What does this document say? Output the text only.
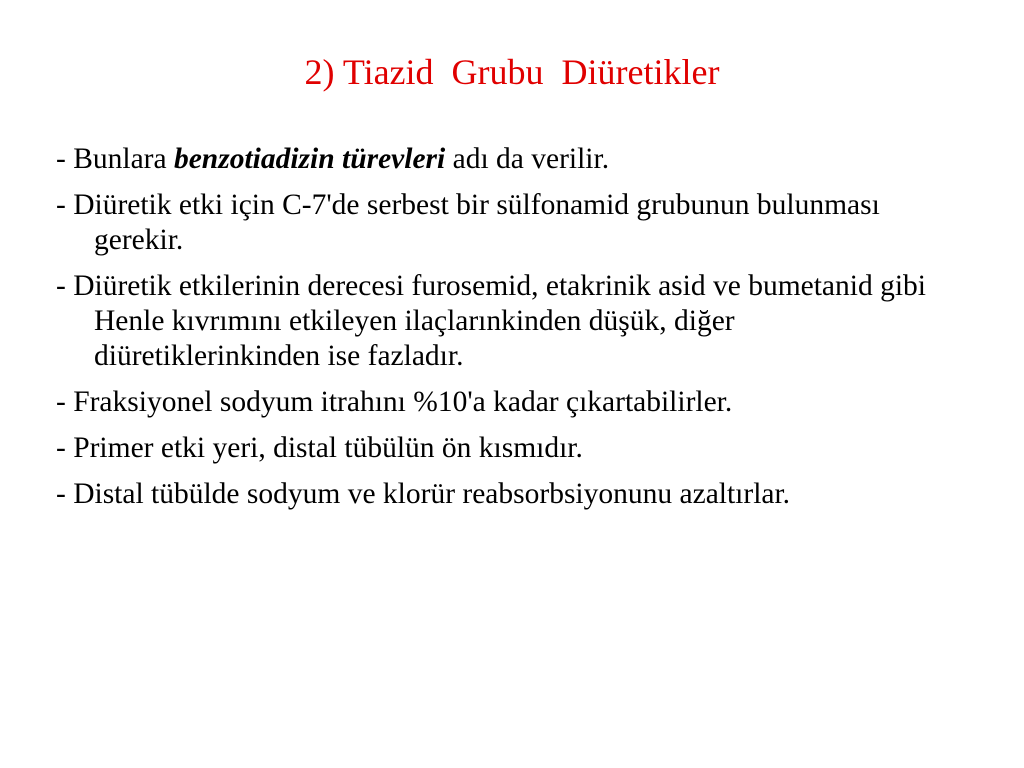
2) Tiazid  Grubu  Diüretikler
- Bunlara benzotiadizin türevleri adı da verilir.
- Diüretik etki için C-7'de serbest bir sülfonamid grubunun bulunması gerekir.
- Diüretik etkilerinin derecesi furosemid, etakrinik asid ve bumetanid gibi Henle kıvrımını etkileyen ilaçlarınkinden düşük, diğer diüretiklerinkinden ise fazladır.
- Fraksiyonel sodyum itrahını %10'a kadar çıkartabilirler.
- Primer etki yeri, distal tübülün ön kısmıdır.
- Distal tübülde sodyum ve klorür reabsorbsiyonunu azaltırlar.
